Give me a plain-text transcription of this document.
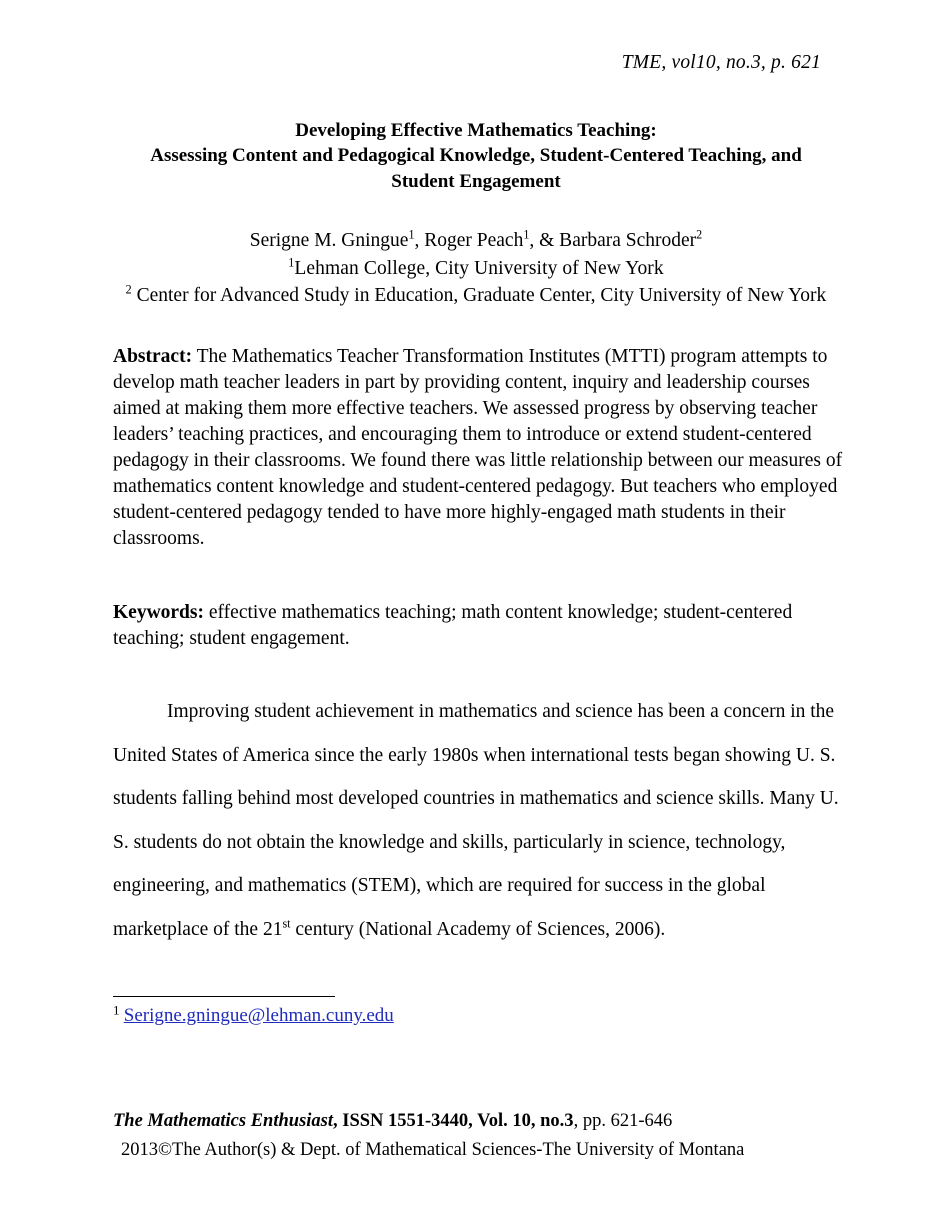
TME, vol10, no.3, p. 621
Developing Effective Mathematics Teaching:
Assessing Content and Pedagogical Knowledge, Student-Centered Teaching, and
Student Engagement
Serigne M. Gningue$^1$, Roger Peach$^1$, & Barbara Schroder$^2$
$^1$Lehman College, City University of New York
$^2$ Center for Advanced Study in Education, Graduate Center, City University of New York
Abstract: The Mathematics Teacher Transformation Institutes (MTTI) program attempts to develop math teacher leaders in part by providing content, inquiry and leadership courses aimed at making them more effective teachers. We assessed progress by observing teacher leaders’ teaching practices, and encouraging them to introduce or extend student-centered pedagogy in their classrooms. We found there was little relationship between our measures of mathematics content knowledge and student-centered pedagogy. But teachers who employed student-centered pedagogy tended to have more highly-engaged math students in their classrooms.
Keywords: effective mathematics teaching; math content knowledge; student-centered teaching; student engagement.
Improving student achievement in mathematics and science has been a concern in the United States of America since the early 1980s when international tests began showing U. S. students falling behind most developed countries in mathematics and science skills. Many U. S. students do not obtain the knowledge and skills, particularly in science, technology, engineering, and mathematics (STEM), which are required for success in the global marketplace of the 21st century (National Academy of Sciences, 2006).
$^1$ Serigne.gningue@lehman.cuny.edu
The Mathematics Enthusiast, ISSN 1551-3440, Vol. 10, no.3, pp. 621-646
2013©The Author(s) & Dept. of Mathematical Sciences-The University of Montana
